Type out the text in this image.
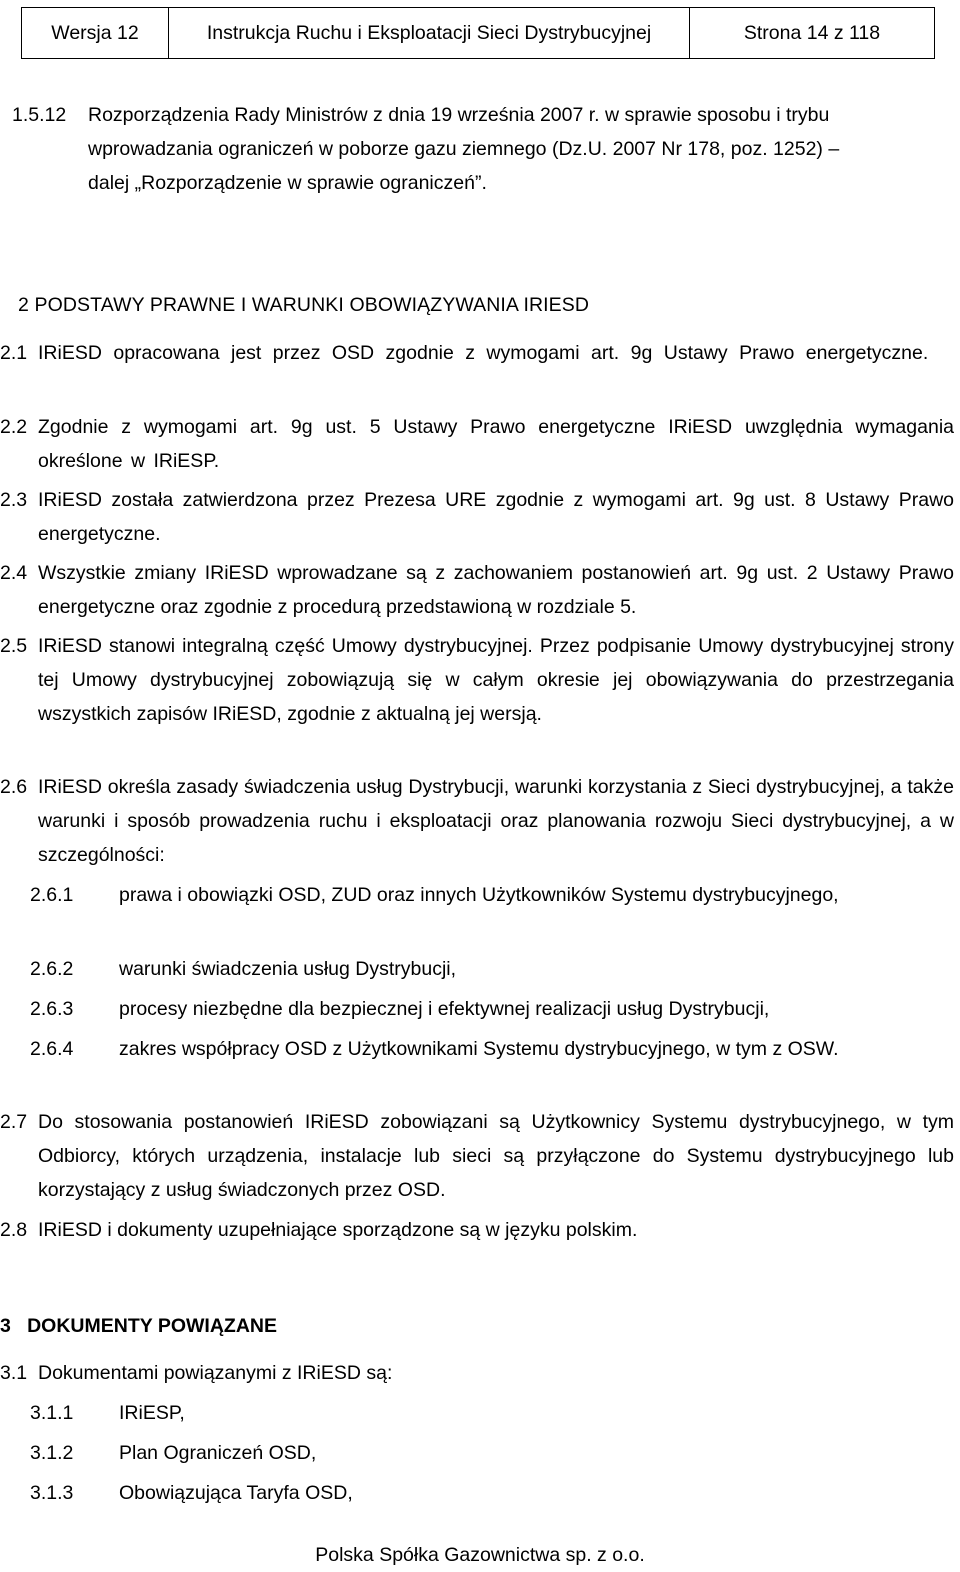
Wersja 12	Instrukcja Ruchu i Eksploatacji Sieci Dystrybucyjnej	Strona 14 z 118
1.5.12 Rozporządzenia Rady Ministrów z dnia 19 września 2007 r. w sprawie sposobu i trybu
wprowadzania ograniczeń w poborze gazu ziemnego (Dz.U. 2007 Nr 178, poz. 1252) –
dalej „Rozporządzenie w sprawie ograniczeń”.
2 PODSTAWY PRAWNE I WARUNKI OBOWIĄZYWANIA IRIESD
2.1 IRiESD opracowana jest przez OSD zgodnie z wymogami art. 9g Ustawy Prawo energetyczne.
2.2 Zgodnie z wymogami art. 9g ust. 5 Ustawy Prawo energetyczne IRiESD uwzględnia wymagania określone w IRiESP.
2.3 IRiESD została zatwierdzona przez Prezesa URE zgodnie z wymogami art. 9g ust. 8 Ustawy Prawo energetyczne.
2.4 Wszystkie zmiany IRiESD wprowadzane są z zachowaniem postanowień art. 9g ust. 2 Ustawy Prawo energetyczne oraz zgodnie z procedurą przedstawioną w rozdziale 5.
2.5 IRiESD stanowi integralną część Umowy dystrybucyjnej. Przez podpisanie Umowy dystrybucyjnej strony tej Umowy dystrybucyjnej zobowiązują się w całym okresie jej obowiązywania do przestrzegania wszystkich zapisów IRiESD, zgodnie z aktualną jej wersją.
2.6 IRiESD określa zasady świadczenia usług Dystrybucji, warunki korzystania z Sieci dystrybucyjnej, a także warunki i sposób prowadzenia ruchu i eksploatacji oraz planowania rozwoju Sieci dystrybucyjnej, a w szczególności:
2.6.1 prawa i obowiązki OSD, ZUD oraz innych Użytkowników Systemu dystrybucyjnego,
2.6.2 warunki świadczenia usług Dystrybucji,
2.6.3 procesy niezbędne dla bezpiecznej i efektywnej realizacji usług Dystrybucji,
2.6.4 zakres współpracy OSD z Użytkownikami Systemu dystrybucyjnego, w tym z OSW.
2.7 Do stosowania postanowień IRiESD zobowiązani są Użytkownicy Systemu dystrybucyjnego, w tym Odbiorcy, których urządzenia, instalacje lub sieci są przyłączone do Systemu dystrybucyjnego lub korzystający z usług świadczonych przez OSD.
2.8 IRiESD i dokumenty uzupełniające sporządzone są w języku polskim.
3   DOKUMENTY POWIĄZANE
3.1 Dokumentami powiązanymi z IRiESD są:
3.1.1 IRiESP,
3.1.2 Plan Ograniczeń OSD,
3.1.3 Obowiązująca Taryfa OSD,
Polska Spółka Gazownictwa sp. z o.o.
